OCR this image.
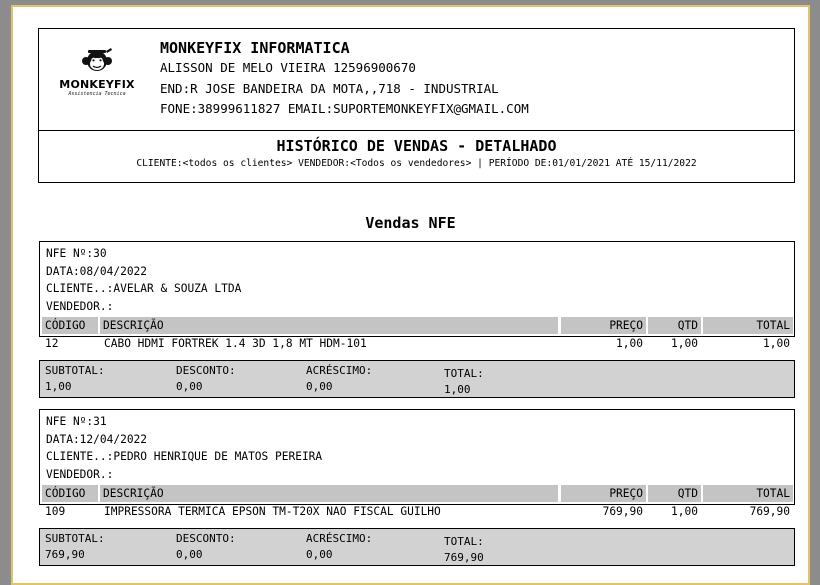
MONKEYFIX
Assistencia Tecnica
MONKEYFIX INFORMATICA
ALISSON DE MELO VIEIRA 12596900670
END:R JOSE BANDEIRA DA MOTA,,718 - INDUSTRIAL
FONE:38999611827 EMAIL:SUPORTEMONKEYFIX@GMAIL.COM
HISTÓRICO DE VENDAS - DETALHADO
CLIENTE:<todos os clientes> VENDEDOR:<Todos os vendedores> | PERÍODO DE:01/01/2021 ATÉ 15/11/2022
Vendas NFE
NFE Nº:30
DATA:08/04/2022
CLIENTE..:AVELAR & SOUZA LTDA
VENDEDOR.:
CÓDIGO	DESCRIÇÃO	PREÇO	QTD	TOTAL
12	CABO HDMI FORTREK 1.4 3D 1,8 MT HDM-101	1,00	1,00	1,00
SUBTOTAL:
1,00
DESCONTO:
0,00
ACRÉSCIMO:
0,00
TOTAL:
1,00
NFE Nº:31
DATA:12/04/2022
CLIENTE..:PEDRO HENRIQUE DE MATOS PEREIRA
VENDEDOR.:
CÓDIGO	DESCRIÇÃO	PREÇO	QTD	TOTAL
109	IMPRESSORA TERMICA EPSON TM-T20X NAO FISCAL GUILHO	769,90	1,00	769,90
SUBTOTAL:
769,90
DESCONTO:
0,00
ACRÉSCIMO:
0,00
TOTAL:
769,90
